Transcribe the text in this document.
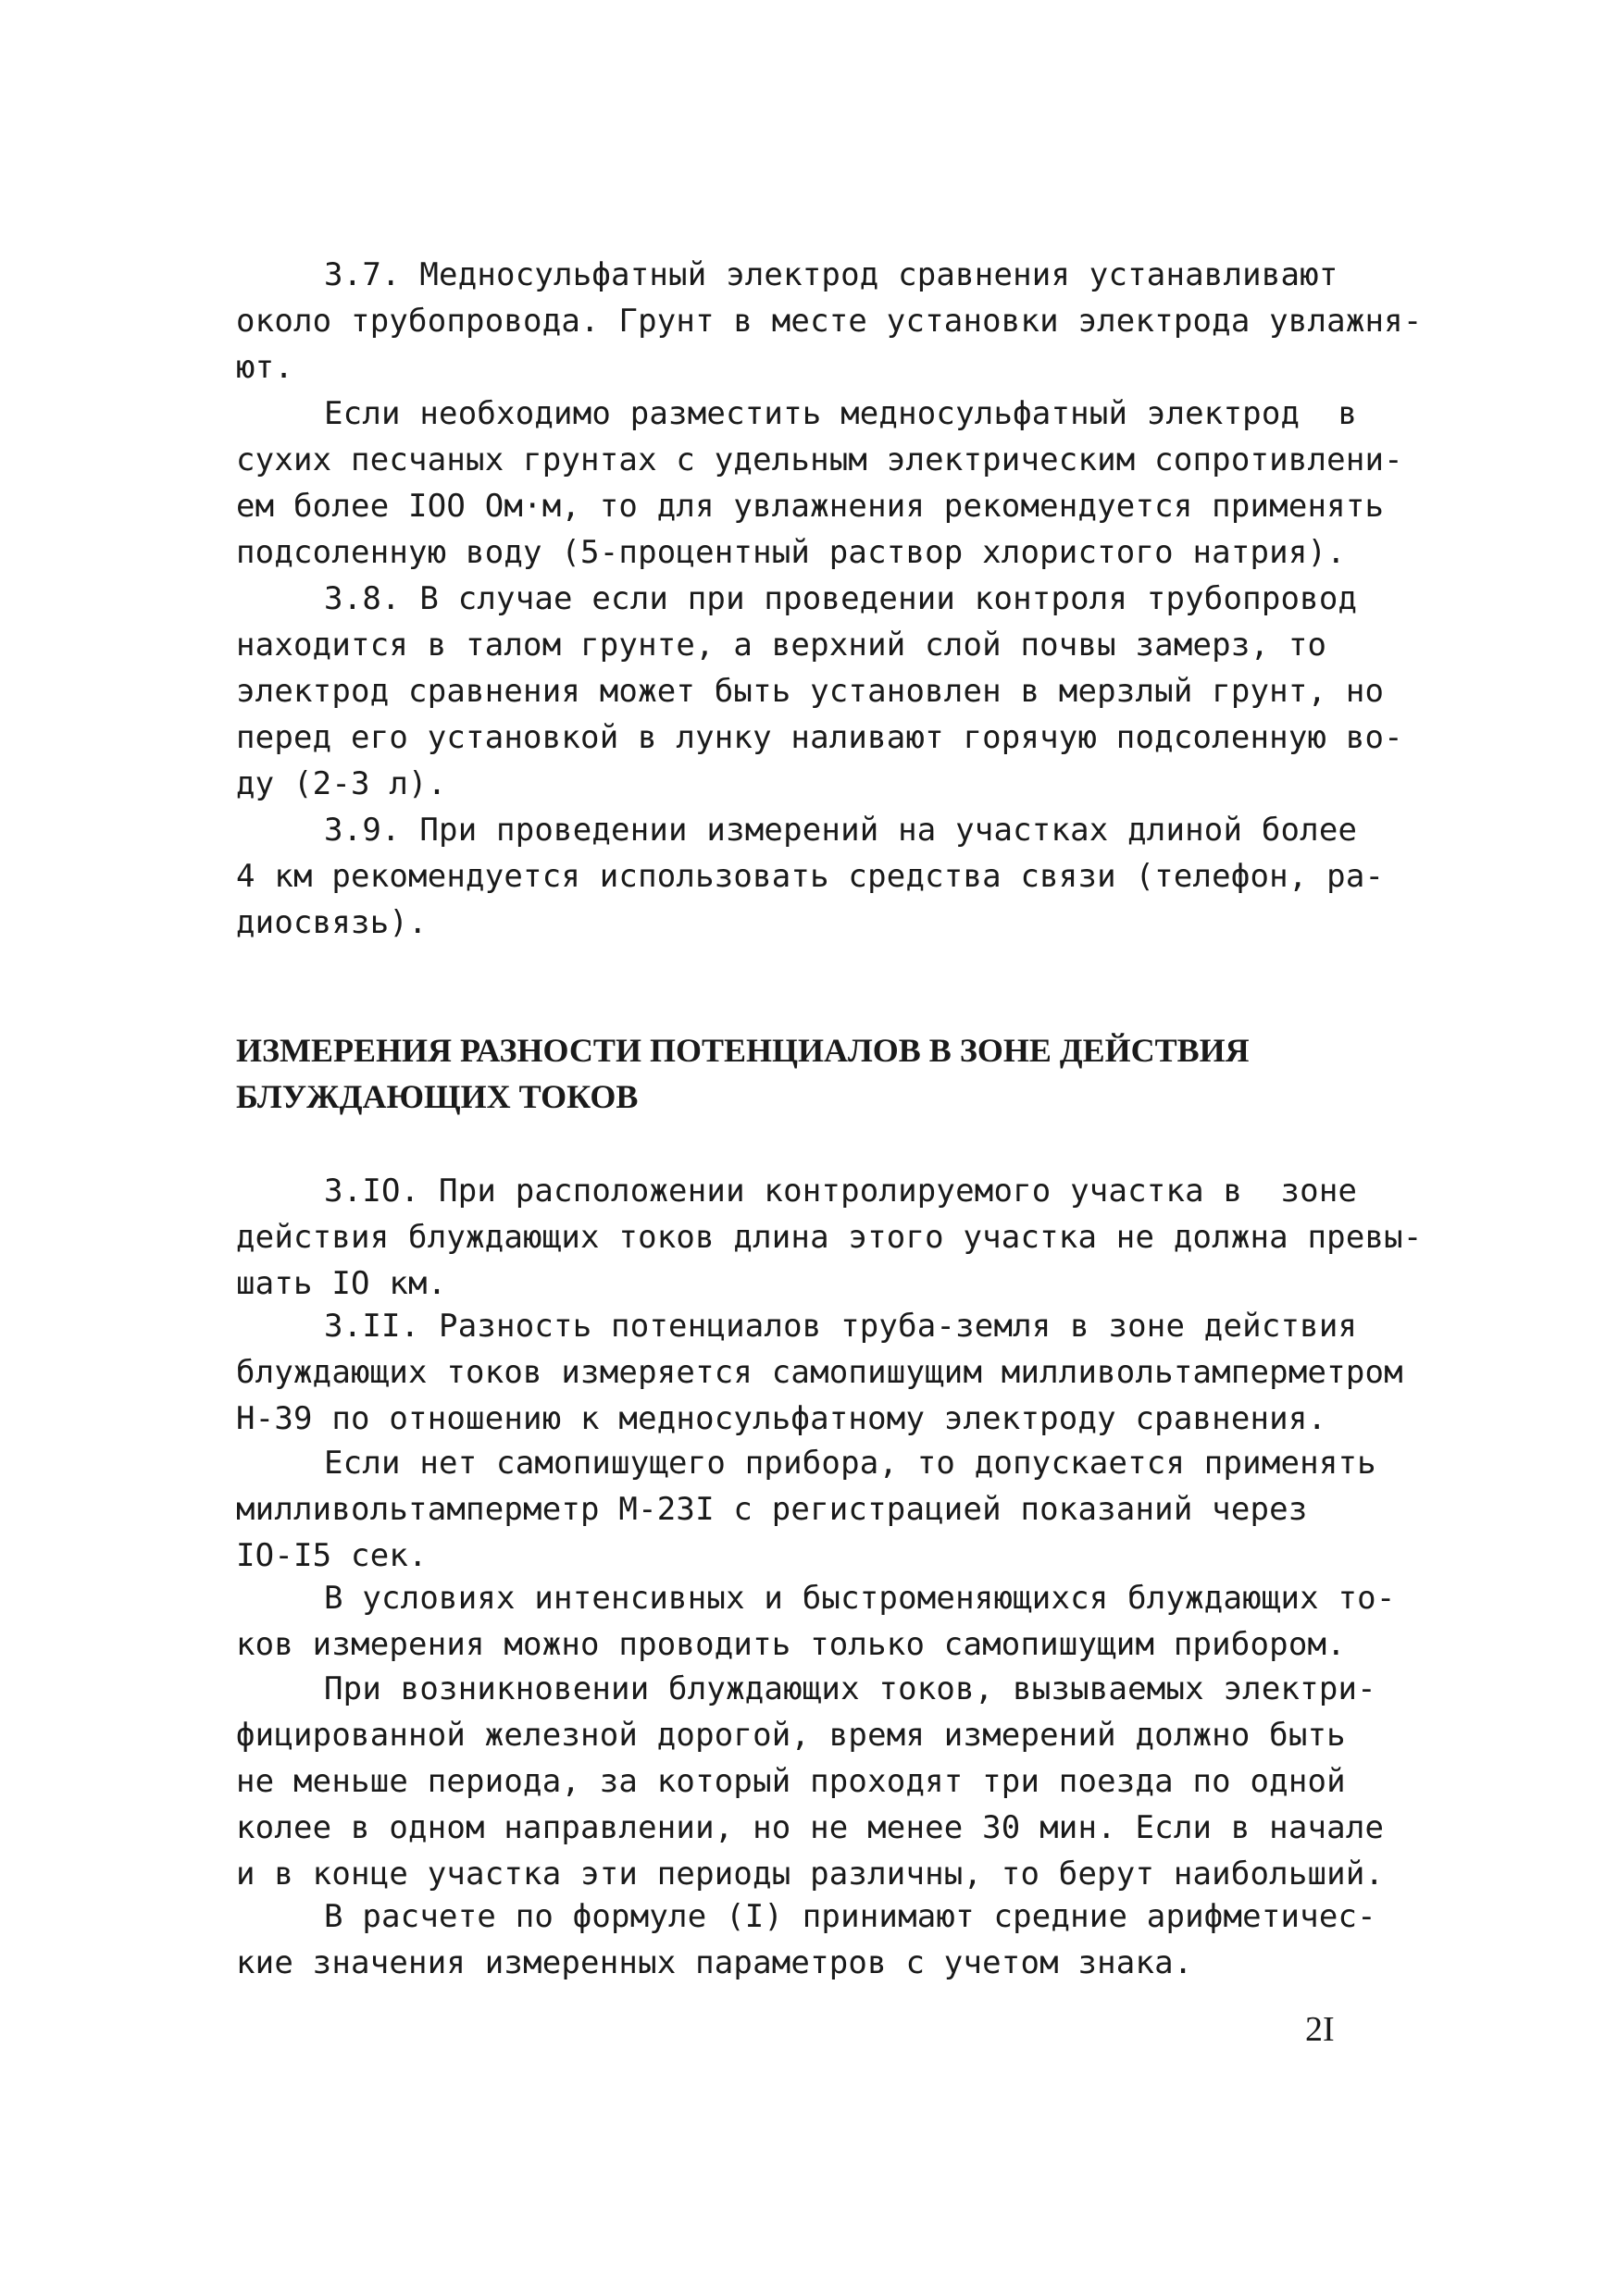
3.7. Медносульфатный электрод сравнения устанавливают
около трубопровода. Грунт в месте установки электрода увлажня-
ют.
Если необходимо разместить медносульфатный электрод  в
сухих песчаных грунтах с удельным электрическим сопротивлени-
ем более IOO Ом·м, то для увлажнения рекомендуется применять
подсоленную воду (5-процентный раствор хлористого натрия).
3.8. В случае если при проведении контроля трубопровод
находится в талом грунте, а верхний слой почвы замерз, то
электрод сравнения может быть установлен в мерзлый грунт, но
перед его установкой в лунку наливают горячую подсоленную во-
ду (2-3 л).
3.9. При проведении измерений на участках длиной более
4 км рекомендуется использовать средства связи (телефон, ра-
диосвязь).
ИЗМЕРЕНИЯ РАЗНОСТИ ПОТЕНЦИАЛОВ В ЗОНЕ ДЕЙСТВИЯ
БЛУЖДАЮЩИХ ТОКОВ
3.IO. При расположении контролируемого участка в  зоне
действия блуждающих токов длина этого участка не должна превы-
шать IO км.
3.II. Разность потенциалов труба-земля в зоне действия
блуждающих токов измеряется самопишущим милливольтамперметром
Н-39 по отношению к медносульфатному электроду сравнения.
Если нет самопишущего прибора, то допускается применять
милливольтамперметр М-23I с регистрацией показаний через
IO-I5 сек.
В условиях интенсивных и быстроменяющихся блуждающих то-
ков измерения можно проводить только самопишущим прибором.
При возникновении блуждающих токов, вызываемых электри-
фицированной железной дорогой, время измерений должно быть
не меньше периода, за который проходят три поезда по одной
колее в одном направлении, но не менее 30 мин. Если в начале
и в конце участка эти периоды различны, то берут наибольший.
В расчете по формуле (I) принимают средние арифметичес-
кие значения измеренных параметров с учетом знака.
2I
